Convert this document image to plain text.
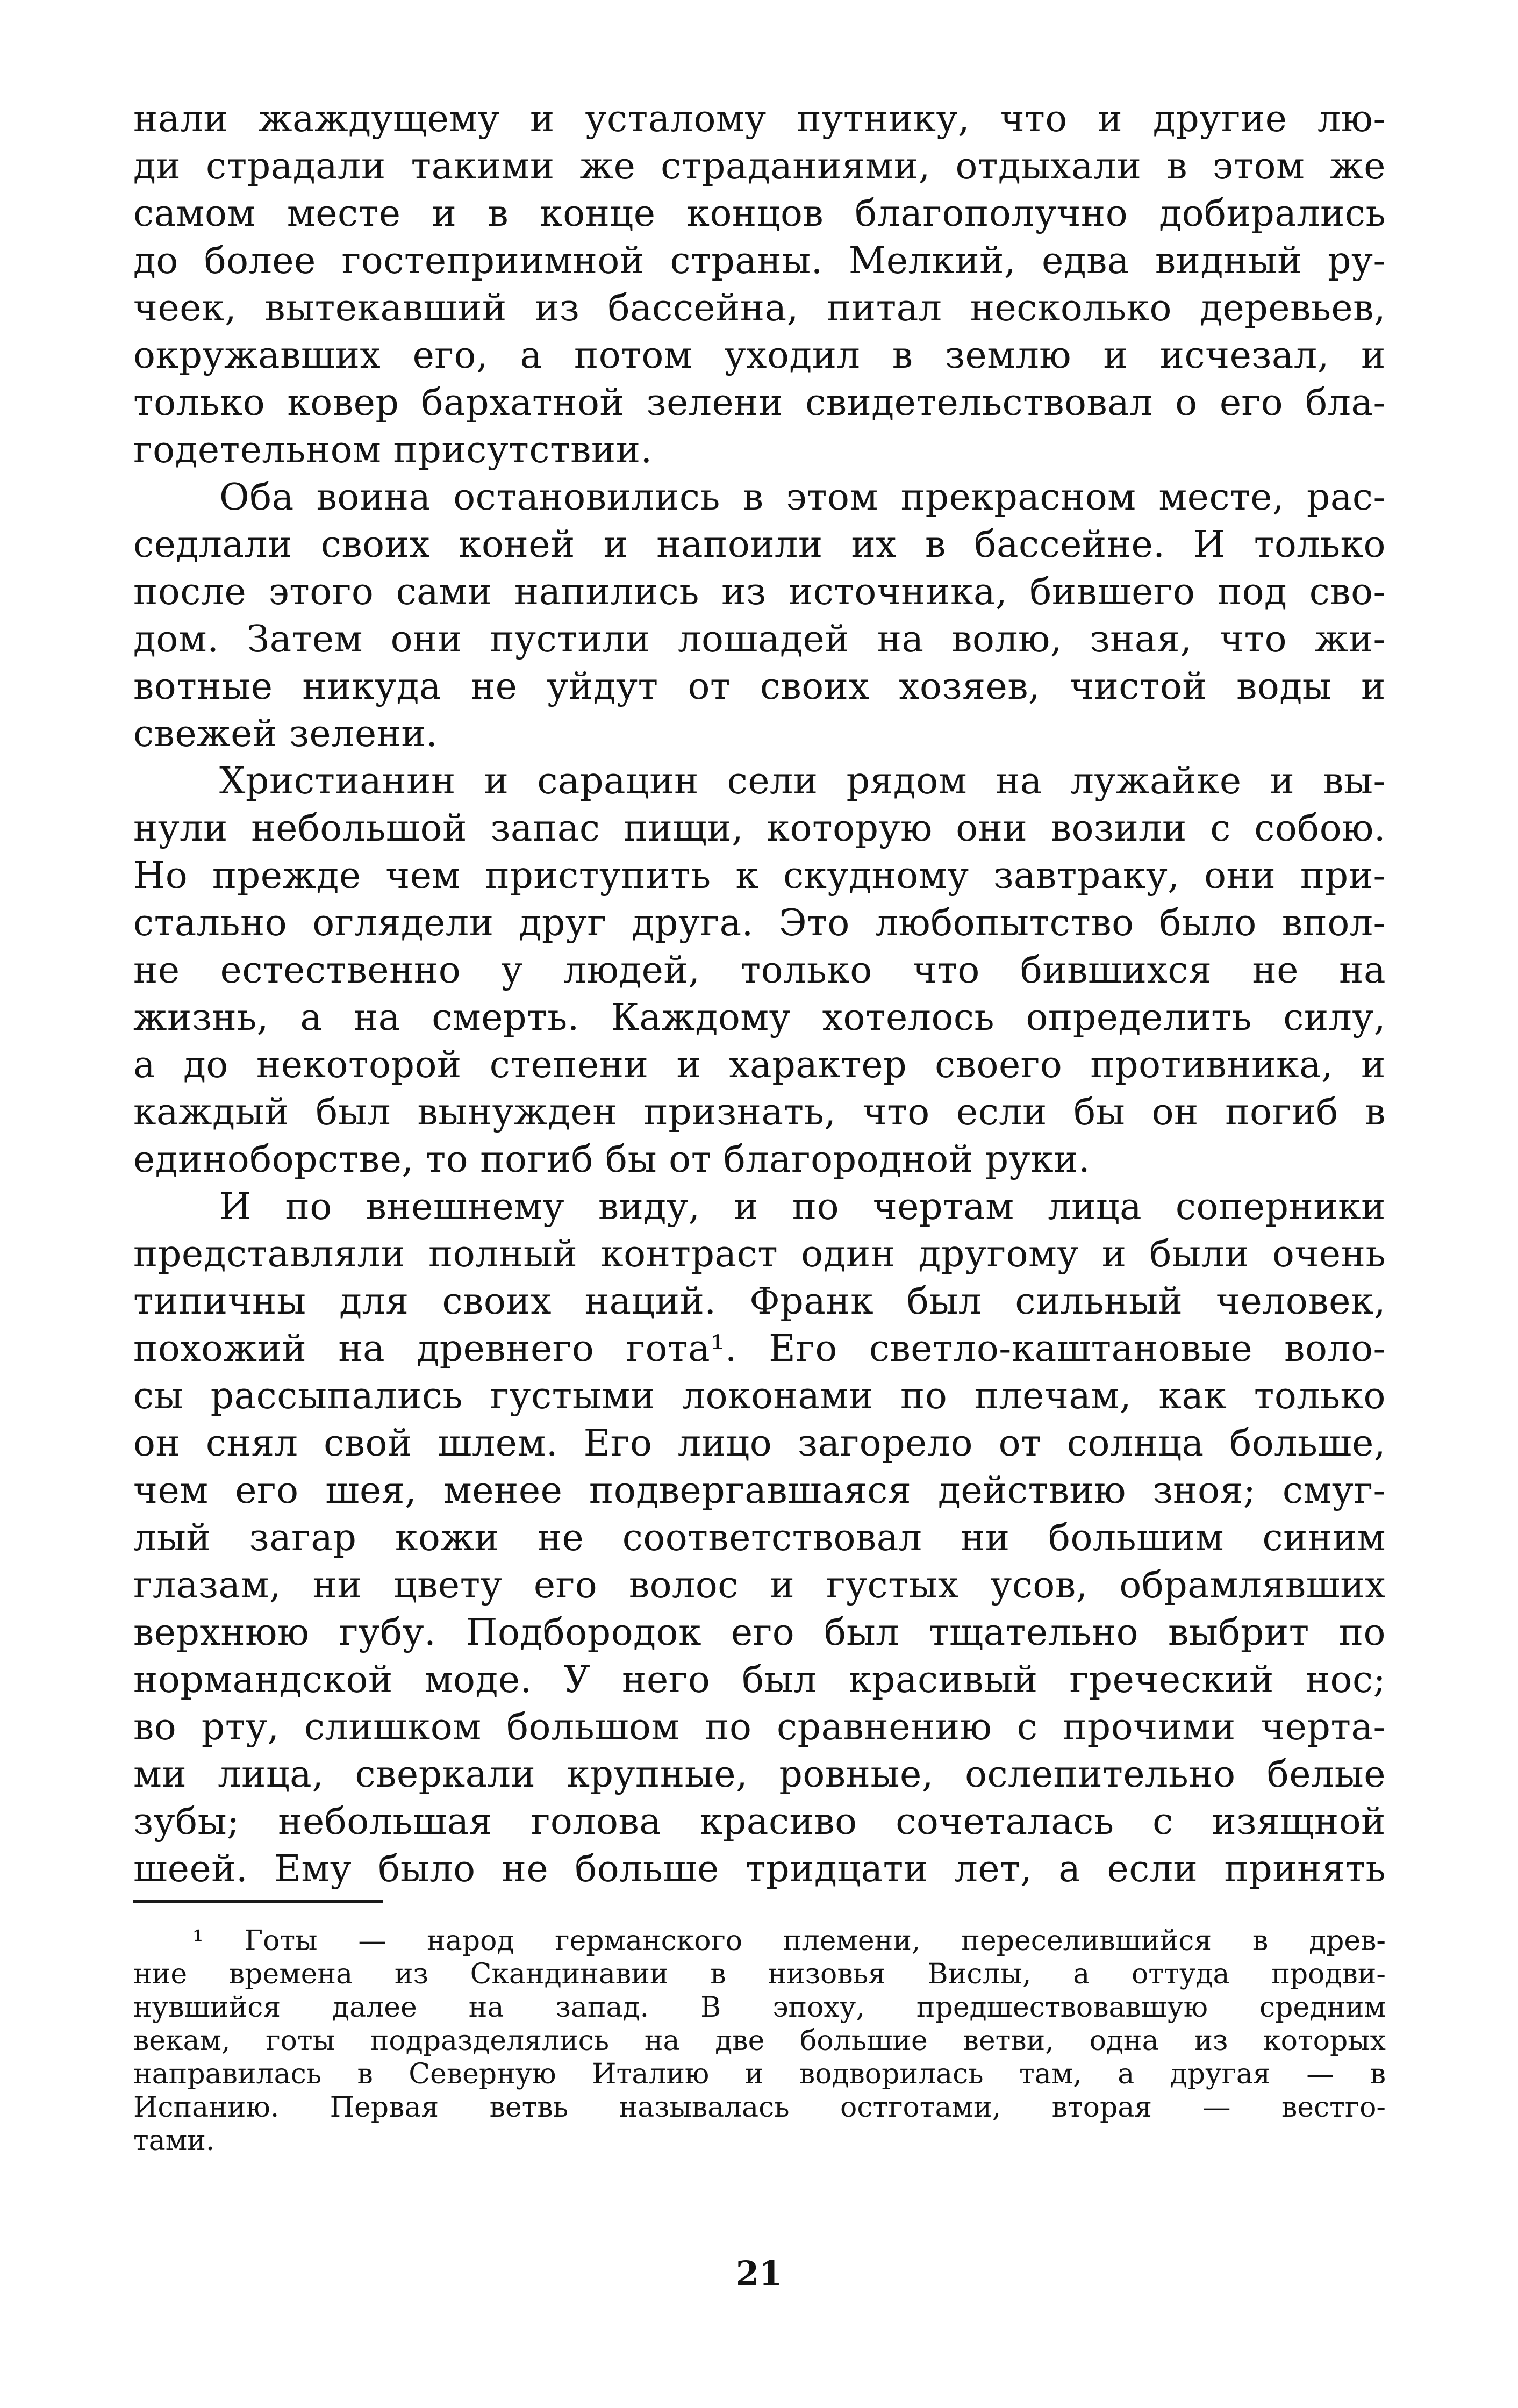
нали жаждущему и усталому путнику, что и другие лю-
ди страдали такими же страданиями, отдыхали в этом же
самом месте и в конце концов благополучно добирались
до более гостеприимной страны. Мелкий, едва видный ру-
чеек, вытекавший из бассейна, питал несколько деревьев,
окружавших его, а потом уходил в землю и исчезал, и
только ковер бархатной зелени свидетельствовал о его бла-
годетельном присутствии.
Оба воина остановились в этом прекрасном месте, рас-
седлали своих коней и напоили их в бассейне. И только
после этого сами напились из источника, бившего под сво-
дом. Затем они пустили лошадей на волю, зная, что жи-
вотные никуда не уйдут от своих хозяев, чистой воды и
свежей зелени.
Христианин и сарацин сели рядом на лужайке и вы-
нули небольшой запас пищи, которую они возили с собою.
Но прежде чем приступить к скудному завтраку, они при-
стально оглядели друг друга. Это любопытство было впол-
не естественно у людей, только что бившихся не на
жизнь, а на смерть. Каждому хотелось определить силу,
а до некоторой степени и характер своего противника, и
каждый был вынужден признать, что если бы он погиб в
единоборстве, то погиб бы от благородной руки.
И по внешнему виду, и по чертам лица соперники
представляли полный контраст один другому и были очень
типичны для своих наций. Франк был сильный человек,
похожий на древнего гота¹. Его светло-каштановые воло-
сы рассыпались густыми локонами по плечам, как только
он снял свой шлем. Его лицо загорело от солнца больше,
чем его шея, менее подвергавшаяся действию зноя; смуг-
лый загар кожи не соответствовал ни большим синим
глазам, ни цвету его волос и густых усов, обрамлявших
верхнюю губу. Подбородок его был тщательно выбрит по
нормандской моде. У него был красивый греческий нос;
во рту, слишком большом по сравнению с прочими черта-
ми лица, сверкали крупные, ровные, ослепительно белые
зубы; небольшая голова красиво сочеталась с изящной
шеей. Ему было не больше тридцати лет, а если принять
¹ Готы — народ германского племени, переселившийся в древ-
ние времена из Скандинавии в низовья Вислы, а оттуда продви-
нувшийся далее на запад. В эпоху, предшествовавшую средним
векам, готы подразделялись на две большие ветви, одна из которых
направилась в Северную Италию и водворилась там, а другая — в
Испанию. Первая ветвь называлась остготами, вторая — вестго-
тами.
21
